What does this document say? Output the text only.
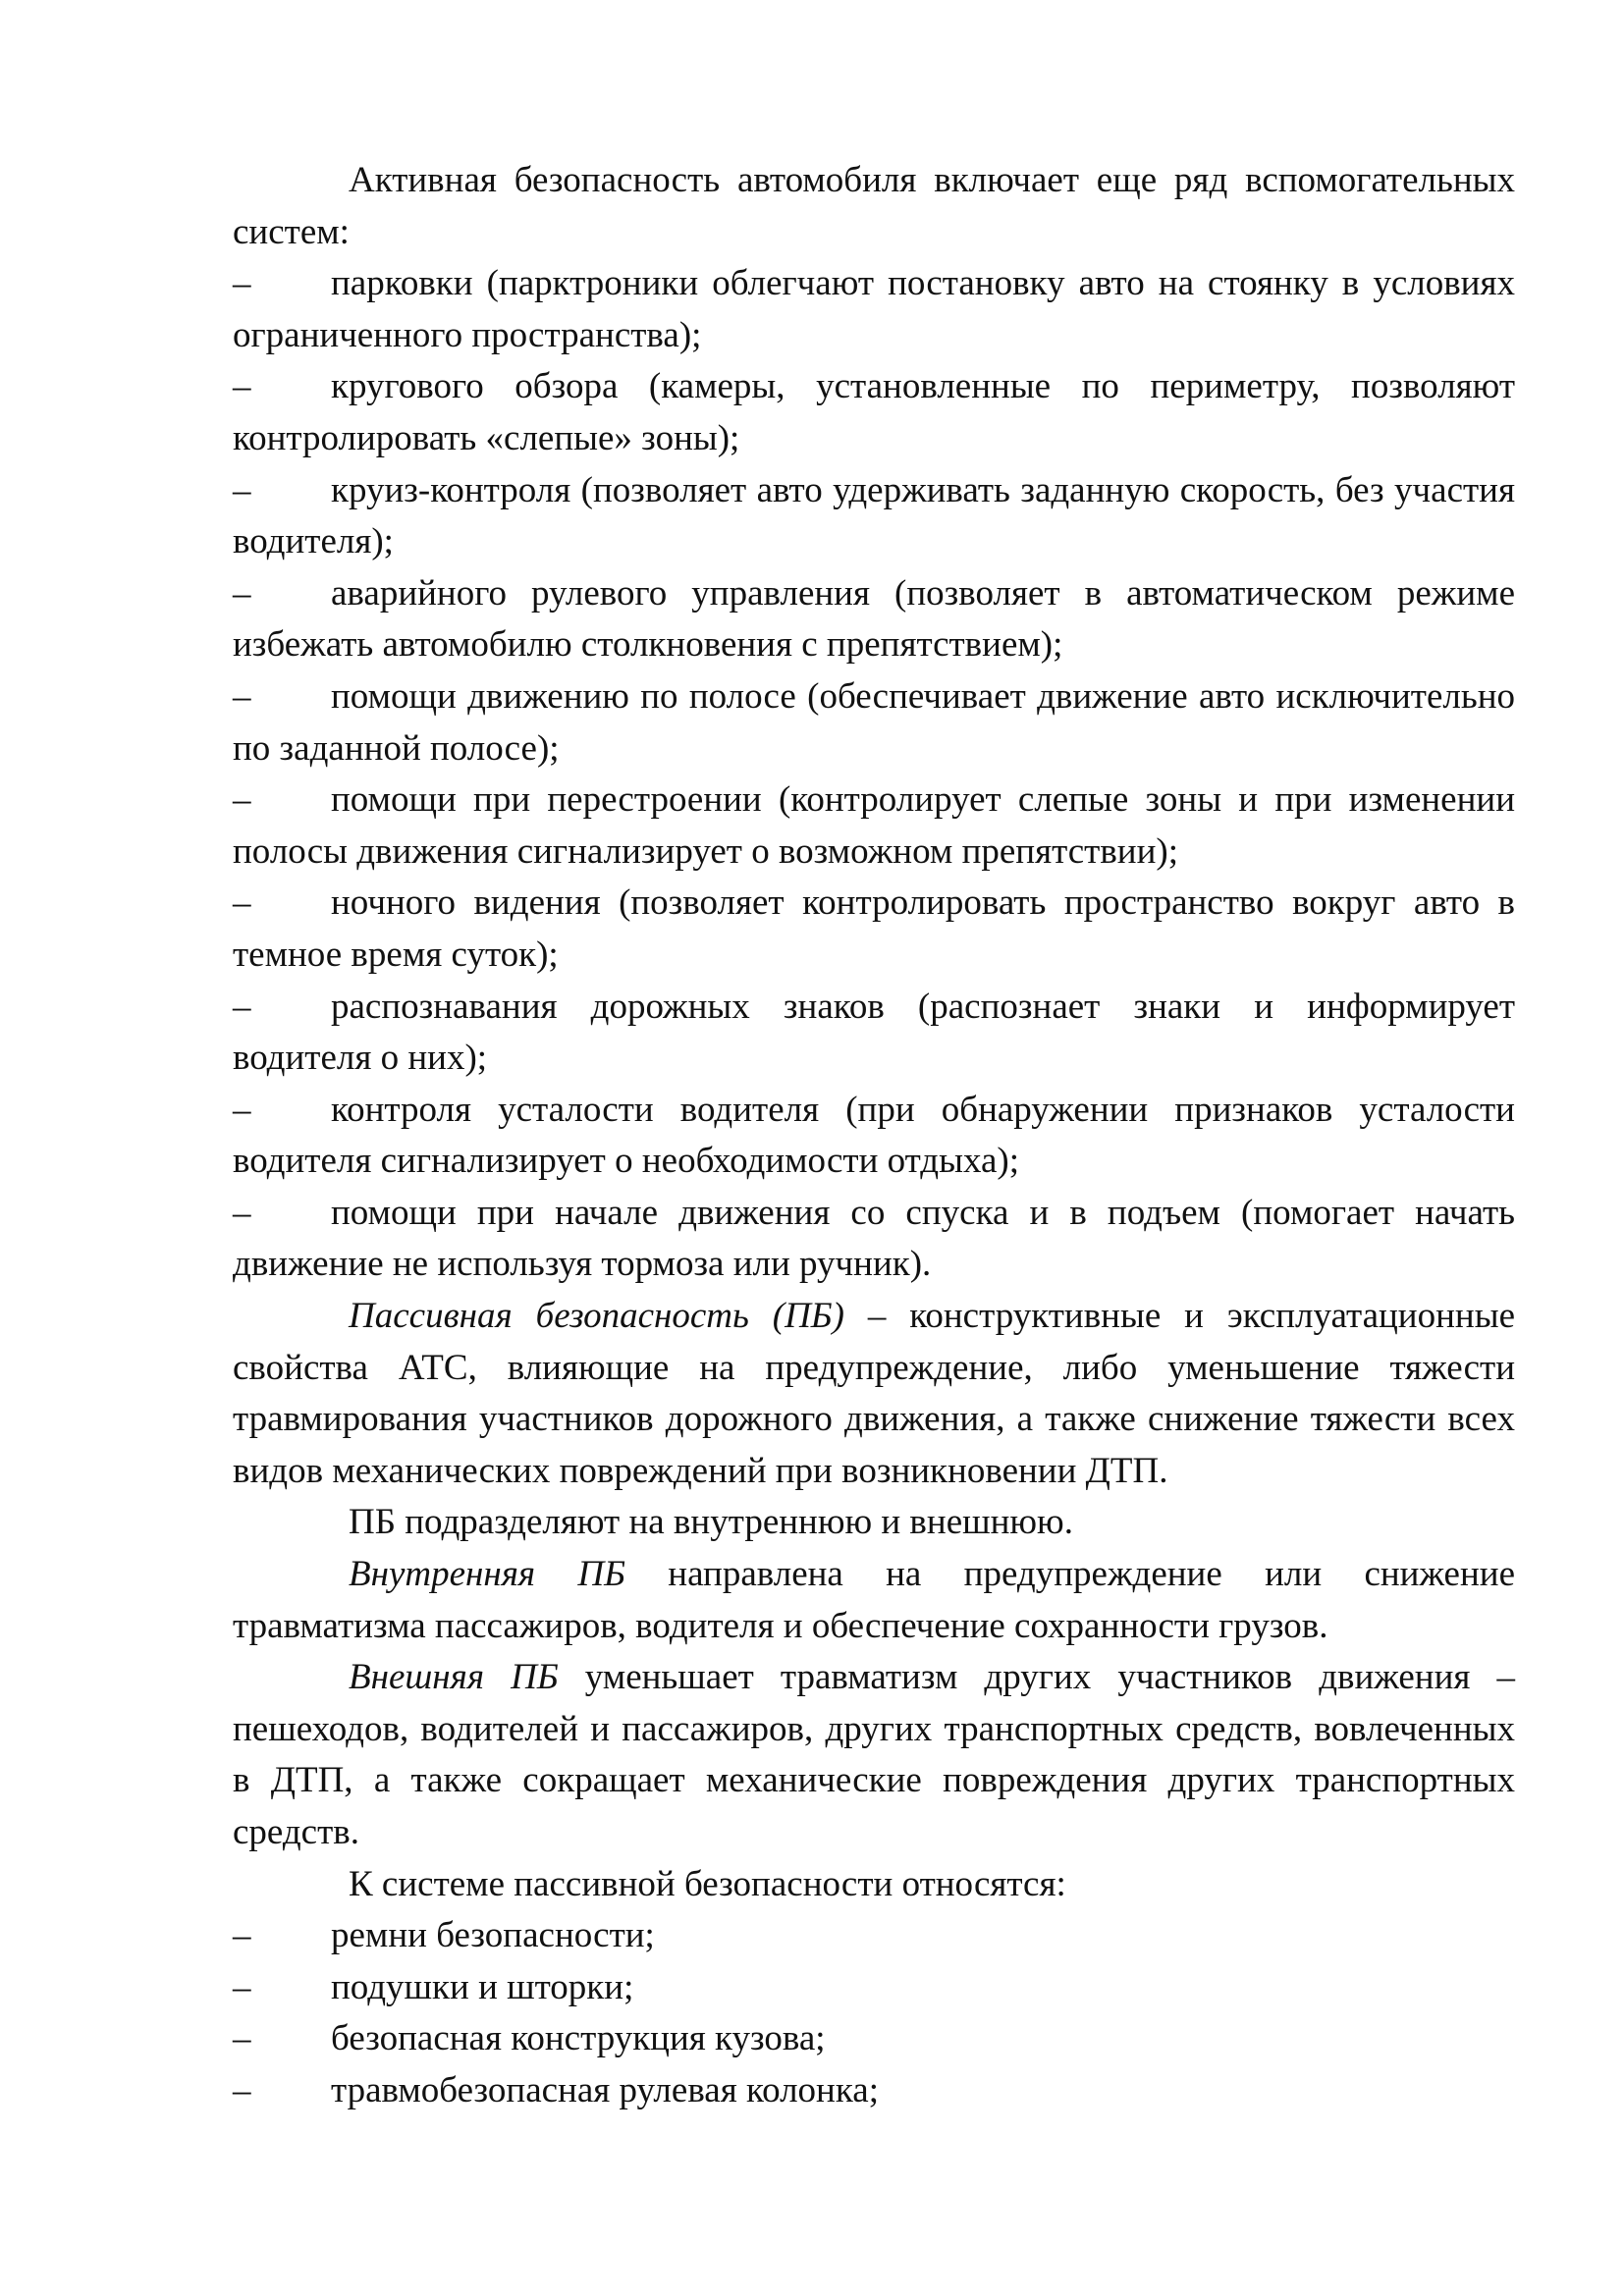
Активная безопасность автомобиля включает еще ряд вспомогательных систем:

– парковки (парктроники облегчают постановку авто на стоянку в условиях ограниченного пространства);

– кругового обзора (камеры, установленные по периметру, позволяют контролировать «слепые» зоны);

– круиз-контроля (позволяет авто удерживать заданную скорость, без участия водителя);

– аварийного рулевого управления (позволяет в автоматическом режиме избежать автомобилю столкновения с препятствием);

– помощи движению по полосе (обеспечивает движение авто исключительно по заданной полосе);

– помощи при перестроении (контролирует слепые зоны и при изменении полосы движения сигнализирует о возможном препятствии);

– ночного видения (позволяет контролировать пространство вокруг авто в темное время суток);

– распознавания дорожных знаков (распознает знаки и информирует водителя о них);

– контроля усталости водителя (при обнаружении признаков усталости водителя сигнализирует о необходимости отдыха);

– помощи при начале движения со спуска и в подъем (помогает начать движение не используя тормоза или ручник).

Пассивная безопасность (ПБ) – конструктивные и эксплуатационные свойства АТС, влияющие на предупреждение, либо уменьшение тяжести травмирования участников дорожного движения, а также снижение тяжести всех видов механических повреждений при возникновении ДТП.

ПБ подразделяют на внутреннюю и внешнюю.

Внутренняя ПБ направлена на предупреждение или снижение травматизма пассажиров, водителя и обеспечение сохранности грузов.

Внешняя ПБ уменьшает травматизм других участников движения – пешеходов, водителей и пассажиров, других транспортных средств, вовлеченных в ДТП, а также сокращает механические повреждения других транспортных средств.

К системе пассивной безопасности относятся:

– ремни безопасности;

– подушки и шторки;

– безопасная конструкция кузова;

– травмобезопасная рулевая колонка;
